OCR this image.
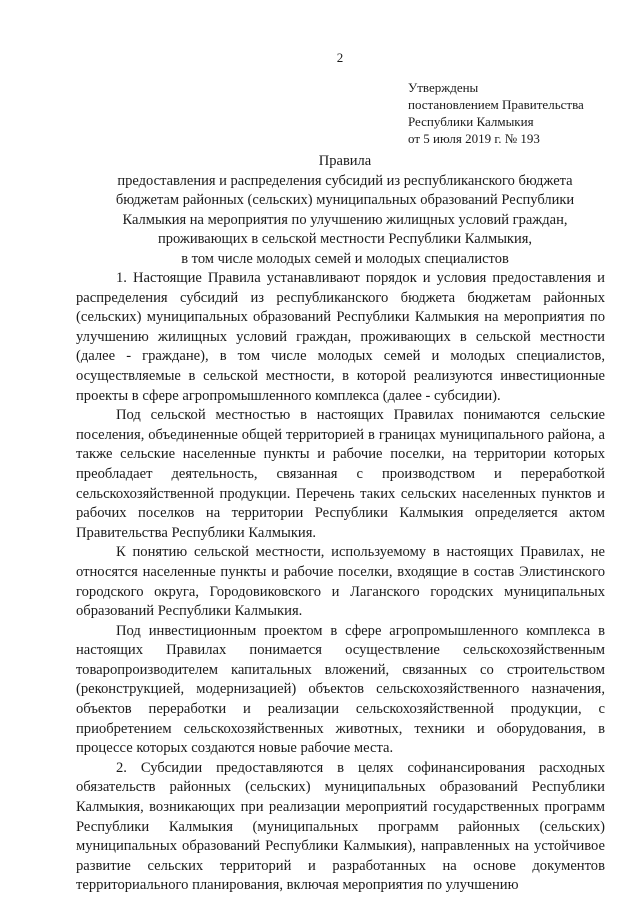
2
Утверждены
постановлением Правительства
Республики Калмыкия
от 5 июля 2019 г. № 193
Правила
предоставления и распределения субсидий из республиканского бюджета
бюджетам районных (сельских) муниципальных образований Республики
Калмыкия на мероприятия по улучшению жилищных условий граждан,
проживающих в сельской местности Республики Калмыкия,
в том числе молодых семей и молодых специалистов

1. Настоящие Правила устанавливают порядок и условия предоставления и распределения субсидий из республиканского бюджета бюджетам районных (сельских) муниципальных образований Республики Калмыкия на мероприятия по улучшению жилищных условий граждан, проживающих в сельской местности (далее - граждане), в том числе молодых семей и молодых специалистов, осуществляемые в сельской местности, в которой реализуются инвестиционные проекты в сфере агропромышленного комплекса (далее - субсидии).

Под сельской местностью в настоящих Правилах понимаются сельские поселения, объединенные общей территорией в границах муниципального района, а также сельские населенные пункты и рабочие поселки, на территории которых преобладает деятельность, связанная с производством и переработкой сельскохозяйственной продукции. Перечень таких сельских населенных пунктов и рабочих поселков на территории Республики Калмыкия определяется актом Правительства Республики Калмыкия.

К понятию сельской местности, используемому в настоящих Правилах, не относятся населенные пункты и рабочие поселки, входящие в состав Элистинского городского округа, Городовиковского и Лаганского городских муниципальных образований Республики Калмыкия.

Под инвестиционным проектом в сфере агропромышленного комплекса в настоящих Правилах понимается осуществление сельскохозяйственным товаропроизводителем капитальных вложений, связанных со строительством (реконструкцией, модернизацией) объектов сельскохозяйственного назначения, объектов переработки и реализации сельскохозяйственной продукции, с приобретением сельскохозяйственных животных, техники и оборудования, в процессе которых создаются новые рабочие места.

2. Субсидии предоставляются в целях софинансирования расходных обязательств районных (сельских) муниципальных образований Республики Калмыкия, возникающих при реализации мероприятий государственных программ Республики Калмыкия (муниципальных программ районных (сельских) муниципальных образований Республики Калмыкия), направленных на устойчивое развитие сельских территорий и разработанных на основе документов территориального планирования, включая мероприятия по улучшению
